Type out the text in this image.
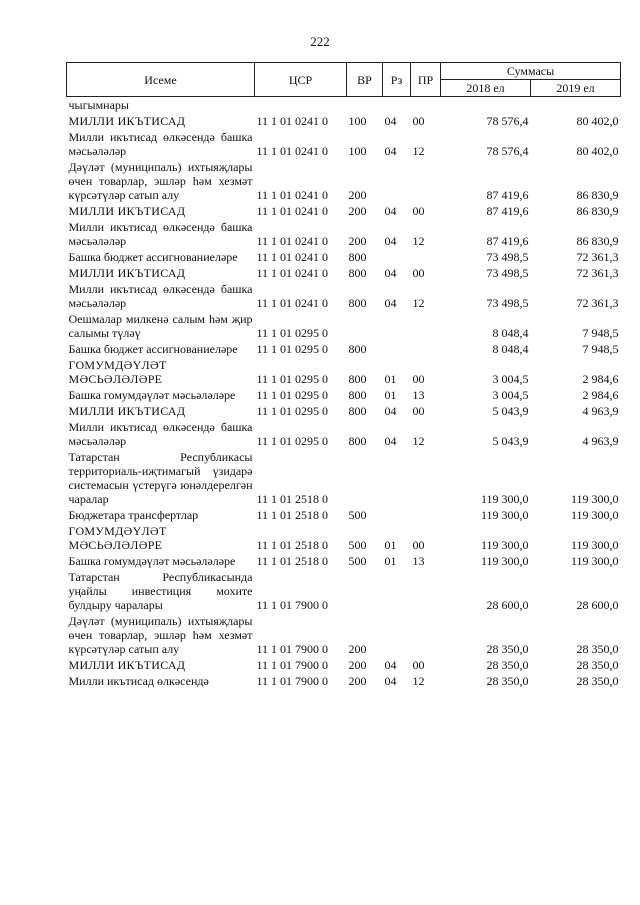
222
Исеме	ЦСР	ВР	Рз	ПР	Суммасы	
					2018 ел	2019 ел
чыгымнары						
МИЛЛИ ИКЪТИСАД	11 1 01 0241 0	100	04	00	78 576,4	80 402,0
Милли икътисад өлкәсендә башка мәсьәләләр	11 1 01 0241 0	100	04	12	78 576,4	80 402,0
Дәүләт (муниципаль) ихтыяҗлары өчен товарлар, эшләр һәм хезмәт күрсәтүләр сатып алу	11 1 01 0241 0	200			87 419,6	86 830,9
МИЛЛИ ИКЪТИСАД	11 1 01 0241 0	200	04	00	87 419,6	86 830,9
Милли икътисад өлкәсендә башка мәсьәләләр	11 1 01 0241 0	200	04	12	87 419,6	86 830,9
Башка бюджет ассигнованиеләре	11 1 01 0241 0	800			73 498,5	72 361,3
МИЛЛИ ИКЪТИСАД	11 1 01 0241 0	800	04	00	73 498,5	72 361,3
Милли икътисад өлкәсендә башка мәсьәләләр	11 1 01 0241 0	800	04	12	73 498,5	72 361,3
Оешмалар милкенә салым һәм җир салымы түләү	11 1 01 0295 0				8 048,4	7 948,5
Башка бюджет ассигнованиеләре	11 1 01 0295 0	800			8 048,4	7 948,5
ГОМУМДӘҮЛӘТ МӘСЬӘЛӘЛӘРЕ	11 1 01 0295 0	800	01	00	3 004,5	2 984,6
Башка гомумдәүләт мәсьәләләре	11 1 01 0295 0	800	01	13	3 004,5	2 984,6
МИЛЛИ ИКЪТИСАД	11 1 01 0295 0	800	04	00	5 043,9	4 963,9
Милли икътисад өлкәсендә башка мәсьәләләр	11 1 01 0295 0	800	04	12	5 043,9	4 963,9
Татарстан Республикасы территориаль-иҗтимагый үзидарә системасын үстерүгә юнәлдерелгән чаралар	11 1 01 2518 0				119 300,0	119 300,0
Бюджетара трансфертлар	11 1 01 2518 0	500			119 300,0	119 300,0
ГОМУМДӘҮЛӘТ МӘСЬӘЛӘЛӘРЕ	11 1 01 2518 0	500	01	00	119 300,0	119 300,0
Башка гомумдәүләт мәсьәләләре	11 1 01 2518 0	500	01	13	119 300,0	119 300,0
Татарстан Республикасында уңайлы инвестиция мохите булдыру чаралары	11 1 01 7900 0				28 600,0	28 600,0
Дәүләт (муниципаль) ихтыяҗлары өчен товарлар, эшләр һәм хезмәт күрсәтүләр сатып алу	11 1 01 7900 0	200			28 350,0	28 350,0
МИЛЛИ ИКЪТИСАД	11 1 01 7900 0	200	04	00	28 350,0	28 350,0
Милли икътисад өлкәсендә	11 1 01 7900 0	200	04	12	28 350,0	28 350,0
